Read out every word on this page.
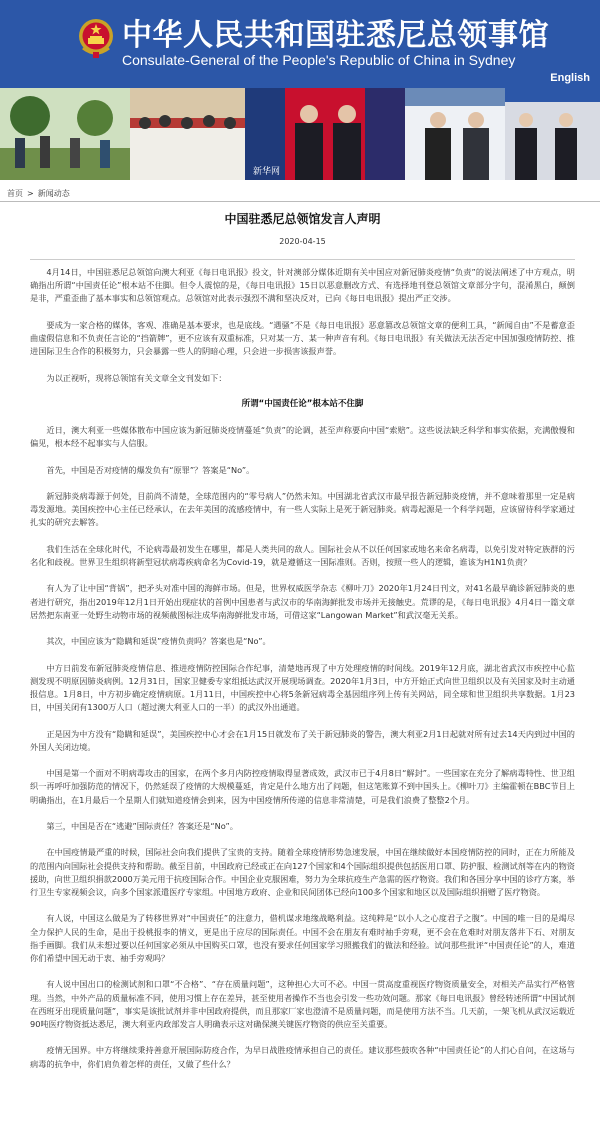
中华人民共和国驻悉尼总领事馆
Consulate-General of the People's Republic of China in Sydney
English
新华网
首页 > 新闻动态
中国驻悉尼总领馆发言人声明
2020-04-15

4月14日，中国驻悉尼总领馆向澳大利亚《每日电讯报》投文，针对澳部分媒体近期有关中国应对新冠肺炎疫情“负责”的说法阐述了中方观点，明确指出所谓“中国责任论”根本站不住脚。但令人震惊的是，《每日电讯报》15日以恶意删改方式、有选择地刊登总领馆文章部分字句，混淆黑白，颠倒是非，严重歪曲了基本事实和总领馆观点。总领馆对此表示强烈不满和坚决反对，已向《每日电讯报》提出严正交涉。

要成为一家合格的媒体，客观、准确是基本要求，也是底线。“遇骚”不是《每日电讯报》恶意篡改总领馆文章的便利工具，“新闻自由”不是蓄意歪曲虚假信息和不负责任言论的“挡箭牌”，更不应该有双重标准，只对某一方、某一种声音有利。《每日电讯报》有关做法无法否定中国加强疫情防控、推进国际卫生合作的积极努力，只会暴露一些人的阴暗心理，只会进一步损害该报声誉。

为以正视听，现将总领馆有关文章全文刊发如下：

所谓“中国责任论”根本站不住脚

近日，澳大利亚一些媒体散布中国应该为新冠肺炎疫情蔓延“负责”的论调，甚至声称要向中国“索赔”。这些说法缺乏科学和事实依据，充满傲慢和偏见，根本经不起事实与人信服。

首先，中国是否对疫情的爆发负有“原罪”？答案是“No”。

新冠肺炎病毒源于何处，目前尚不清楚，全球范围内的“零号病人”仍然未知。中国湖北省武汉市最早报告新冠肺炎疫情，并不意味着那里一定是病毒发源地。美国疾控中心主任已经承认，在去年美国的流感疫情中，有一些人实际上是死于新冠肺炎。病毒起源是一个科学问题，应该留待科学家通过扎实的研究去解答。

我们生活在全球化时代，不论病毒最初发生在哪里，都是人类共同的敌人。国际社会从不以任何国家或地名来命名病毒，以免引发对特定族群的污名化和歧视。世界卫生组织将新型冠状病毒疾病命名为Covid-19，就是遵循这一国际准则。否则，按照一些人的逻辑，谁该为H1N1负责？

有人为了让中国“背锅”，把矛头对准中国的海鲜市场。但是，世界权威医学杂志《柳叶刀》2020年1月24日刊文，对41名最早确诊新冠肺炎的患者进行研究，指出2019年12月1日开始出现症状的首例中国患者与武汉市的华南海鲜批发市场并无接触史。荒谬的是，《每日电讯报》4月4日一篇文章居然把东南亚一处野生动物市场的视频截图标注成华南海鲜批发市场，可借这家“Langowan Market”和武汉毫无关系。

其次，中国应该为“隐瞒和延误”疫情负责吗？答案也是“No”。

中方日前发布新冠肺炎疫情信息、推进疫情防控国际合作纪事，清楚地再现了中方处理疫情的时间线。2019年12月底，湖北省武汉市疾控中心监测发现不明原因肺炎病例。12月31日，国家卫健委专家组抵达武汉开展现场调查。2020年1月3日，中方开始正式向世卫组织以及有关国家及时主动通报信息。1月8日，中方初步确定疫情病原。1月11日，中国疾控中心将5条新冠病毒全基因组序列上传有关网站，同全球和世卫组织共享数据。1月23日，中国关闭有1300万人口（超过澳大利亚人口的一半）的武汉外出通道。

正是因为中方没有“隐瞒和延误”，美国疾控中心才会在1月15日就发布了关于新冠肺炎的警告，澳大利亚2月1日起就对所有过去14天内到过中国的外国人关闭边境。

中国是第一个面对不明病毒攻击的国家，在两个多月内防控疫情取得显著成效，武汉市已于4月8日“解封”。一些国家在充分了解病毒特性、世卫组织一再呼吁加强防范的情况下，仍然延误了疫情的大规模蔓延，肯定是什么地方出了问题，但这笔账算不到中国头上。《柳叶刀》主编霍顿在BBC节目上明确指出，在1月最后一个星期人们就知道疫情会到来，因为中国疫情所传递的信息非常清楚，可是我们浪费了整整2个月。

第三，中国是否在“逃避”国际责任？答案还是“No”。

在中国疫情最严重的时候，国际社会向我们提供了宝贵的支持。随着全球疫情形势急速发展，中国在继续做好本国疫情防控的同时，正在力所能及的范围内向国际社会提供支持和帮助。截至目前，中国政府已经或正在向127个国家和4个国际组织提供包括医用口罩、防护服、检测试剂等在内的物资援助，向世卫组织捐款2000万美元用于抗疫国际合作。中国企业克服困难，努力为全球抗疫生产急需的医疗物资。我们和各国分享中国的诊疗方案，举行卫生专家视频会议，向多个国家派遣医疗专家组。中国地方政府、企业和民间团体已经向100多个国家和地区以及国际组织捐赠了医疗物资。

有人说，中国这么做是为了转移世界对“中国责任”的注意力，借机谋求地缘战略利益。这纯粹是“以小人之心度君子之腹”。中国的唯一目的是竭尽全力保护人民的生命，是出于投桃报李的情义，更是出于应尽的国际责任。中国不会在朋友有难时袖手旁观，更不会在危难时对朋友落井下石、对朋友指手画脚。我们从未想过要以任何国家必须从中国购买口罩，也没有要求任何国家学习照搬我们的做法和经验。试问那些批评“中国责任论”的人，难道你们希望中国无动于衷、袖手旁观吗？

有人说中国出口的检测试剂和口罩“不合格”、“存在质量问题”，这种担心大可不必。中国一贯高度重视医疗物资质量安全，对相关产品实行严格管理。当然，中外产品的质量标准不同，使用习惯上存在差异，甚至使用者操作不当也会引发一些功效问题。那家《每日电讯报》曾经转述所谓“中国试剂在西班牙出现质量问题”，事实是该批试剂并非中国政府提供，而且那家厂家也澄清不是质量问题，而是使用方法不当。几天前，一架飞机从武汉运载近90吨医疗物资抵达悉尼，澳大利亚内政部发言人明确表示这对确保澳关键医疗物资的供应至关重要。

疫情无国界。中方将继续秉持善意开展国际防疫合作，为早日战胜疫情承担自己的责任。建议那些鼓吹各种“中国责任论”的人扪心自问，在这场与病毒的抗争中，你们肩负着怎样的责任，又做了些什么？
